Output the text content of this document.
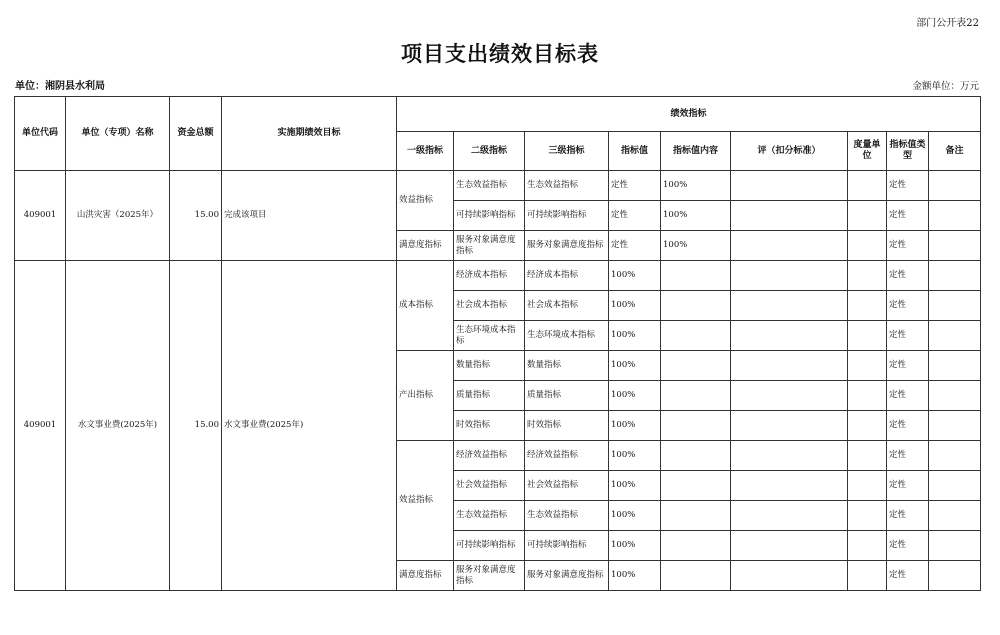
部门公开表22
项目支出绩效目标表
单位：湘阴县水利局	金额单位：万元
单位代码	单位（专项）名称	资金总额	实施期绩效目标	绩效指标								
				一级指标	二级指标	三级指标	指标值	指标值内容	评（扣分标准）	度量单位	指标值类型	备注
409001	山洪灾害（2025年）	15.00	完成该项目	效益指标	生态效益指标	生态效益指标	定性	100%			定性	
					可持续影响指标	可持续影响指标	定性	100%			定性	
				满意度指标	服务对象满意度指标	服务对象满意度指标	定性	100%			定性	
409001	水文事业费(2025年)	15.00	水文事业费(2025年)	成本指标	经济成本指标	经济成本指标	100%				定性	
					社会成本指标	社会成本指标	100%				定性	
					生态环境成本指标	生态环境成本指标	100%				定性	
				产出指标	数量指标	数量指标	100%				定性	
					质量指标	质量指标	100%				定性	
					时效指标	时效指标	100%				定性	
				效益指标	经济效益指标	经济效益指标	100%				定性	
					社会效益指标	社会效益指标	100%				定性	
					生态效益指标	生态效益指标	100%				定性	
					可持续影响指标	可持续影响指标	100%				定性	
				满意度指标	服务对象满意度指标	服务对象满意度指标	100%				定性	
